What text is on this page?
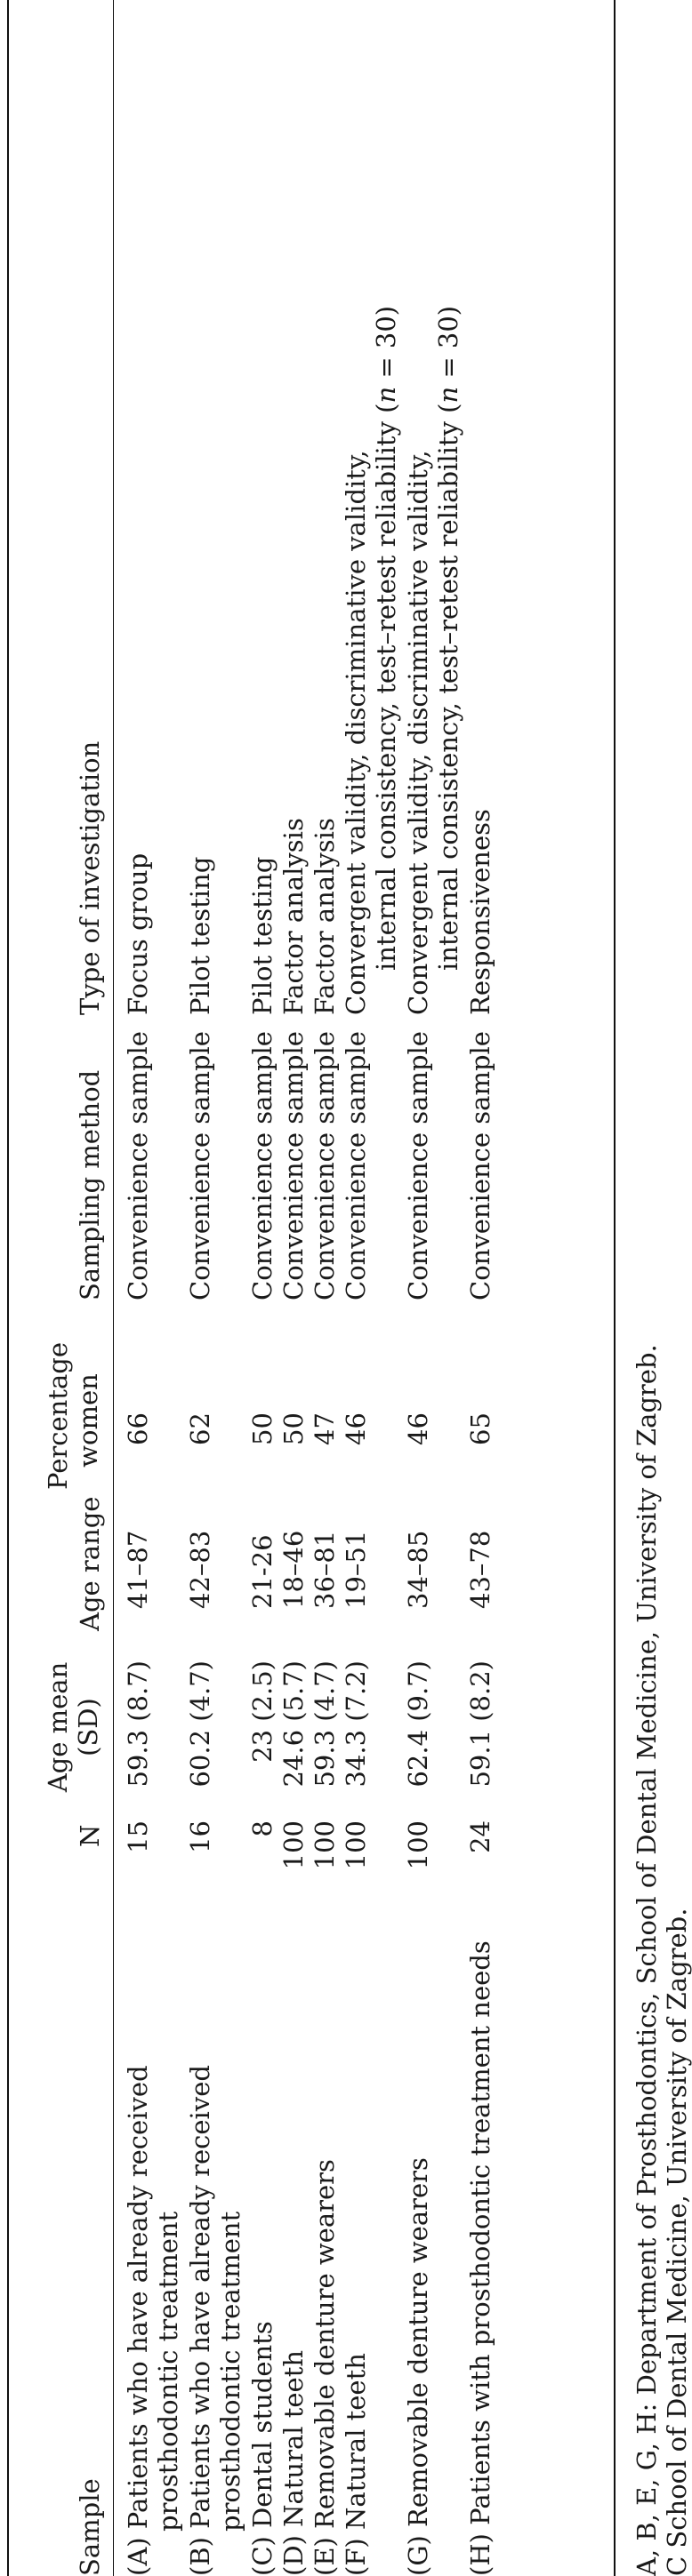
Sample
N
Age mean (SD)
Age range
Percentage women
Sampling method
Type of investigation
(A) Patients who have already received prosthodontic treatment
15
59.3 (8.7)
41–87
66
Convenience sample
Focus group
(B) Patients who have already received prosthodontic treatment
16
60.2 (4.7)
42–83
62
Convenience sample
Pilot testing
(C) Dental students
8
23 (2.5)
21-26
50
Convenience sample
Pilot testing
(D) Natural teeth
100
24.6 (5.7)
18–46
50
Convenience sample
Factor analysis
(E) Removable denture wearers
100
59.3 (4.7)
36–81
47
Convenience sample
Factor analysis
(F) Natural teeth
100
34.3 (7.2)
19–51
46
Convenience sample
Convergent validity, discriminative validity, internal consistency, test–retest reliability (n = 30)
(G) Removable denture wearers
100
62.4 (9.7)
34–85
46
Convenience sample
Convergent validity, discriminative validity, internal consistency, test–retest reliability (n = 30)
(H) Patients with prosthodontic treatment needs
24
59.1 (8.2)
43–78
65
Convenience sample
Responsiveness
A, B, E, G, H: Department of Prosthodontics, School of Dental Medicine, University of Zagreb. C School of Dental Medicine, University of Zagreb.
